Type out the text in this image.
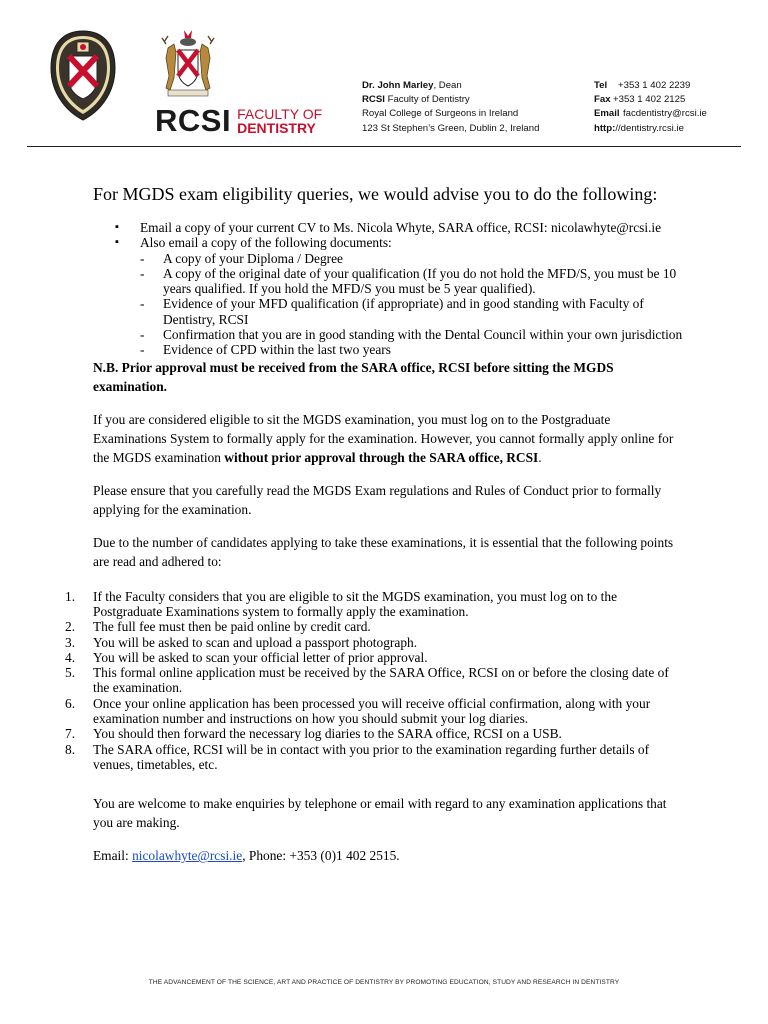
RCSI FACULTY OF
DENTISTRY
Dr. John Marley, Dean
RCSI Faculty of Dentistry
Royal College of Surgeons in Ireland
123 St Stephen’s Green, Dublin 2, Ireland
Tel +353 1 402 2239
Fax +353 1 402 2125
Email facdentistry@rcsi.ie
http://dentistry.rcsi.ie
For MGDS exam eligibility queries, we would advise you to do the following:
▪ Email a copy of your current CV to Ms. Nicola Whyte, SARA office, RCSI: nicolawhyte@rcsi.ie
▪ Also email a copy of the following documents:
- A copy of your Diploma / Degree
- A copy of the original date of your qualification (If you do not hold the MFD/S, you must be 10 years qualified. If you hold the MFD/S you must be 5 year qualified).
- Evidence of your MFD qualification (if appropriate) and in good standing with Faculty of Dentistry, RCSI
- Confirmation that you are in good standing with the Dental Council within your own jurisdiction
- Evidence of CPD within the last two years
N.B. Prior approval must be received from the SARA office, RCSI before sitting the MGDS examination.

If you are considered eligible to sit the MGDS examination, you must log on to the Postgraduate Examinations System to formally apply for the examination. However, you cannot formally apply online for the MGDS examination without prior approval through the SARA office, RCSI.

Please ensure that you carefully read the MGDS Exam regulations and Rules of Conduct prior to formally applying for the examination.

Due to the number of candidates applying to take these examinations, it is essential that the following points are read and adhered to:

1. If the Faculty considers that you are eligible to sit the MGDS examination, you must log on to the Postgraduate Examinations system to formally apply the examination.
2. The full fee must then be paid online by credit card.
3. You will be asked to scan and upload a passport photograph.
4. You will be asked to scan your official letter of prior approval.
5. This formal online application must be received by the SARA Office, RCSI on or before the closing date of the examination.
6. Once your online application has been processed you will receive official confirmation, along with your examination number and instructions on how you should submit your log diaries.
7. You should then forward the necessary log diaries to the SARA office, RCSI on a USB.
8. The SARA office, RCSI will be in contact with you prior to the examination regarding further details of venues, timetables, etc.

You are welcome to make enquiries by telephone or email with regard to any examination applications that you are making.

Email: nicolawhyte@rcsi.ie, Phone: +353 (0)1 402 2515.

THE ADVANCEMENT OF THE SCIENCE, ART AND PRACTICE OF DENTISTRY BY PROMOTING EDUCATION, STUDY AND RESEARCH IN DENTISTRY
